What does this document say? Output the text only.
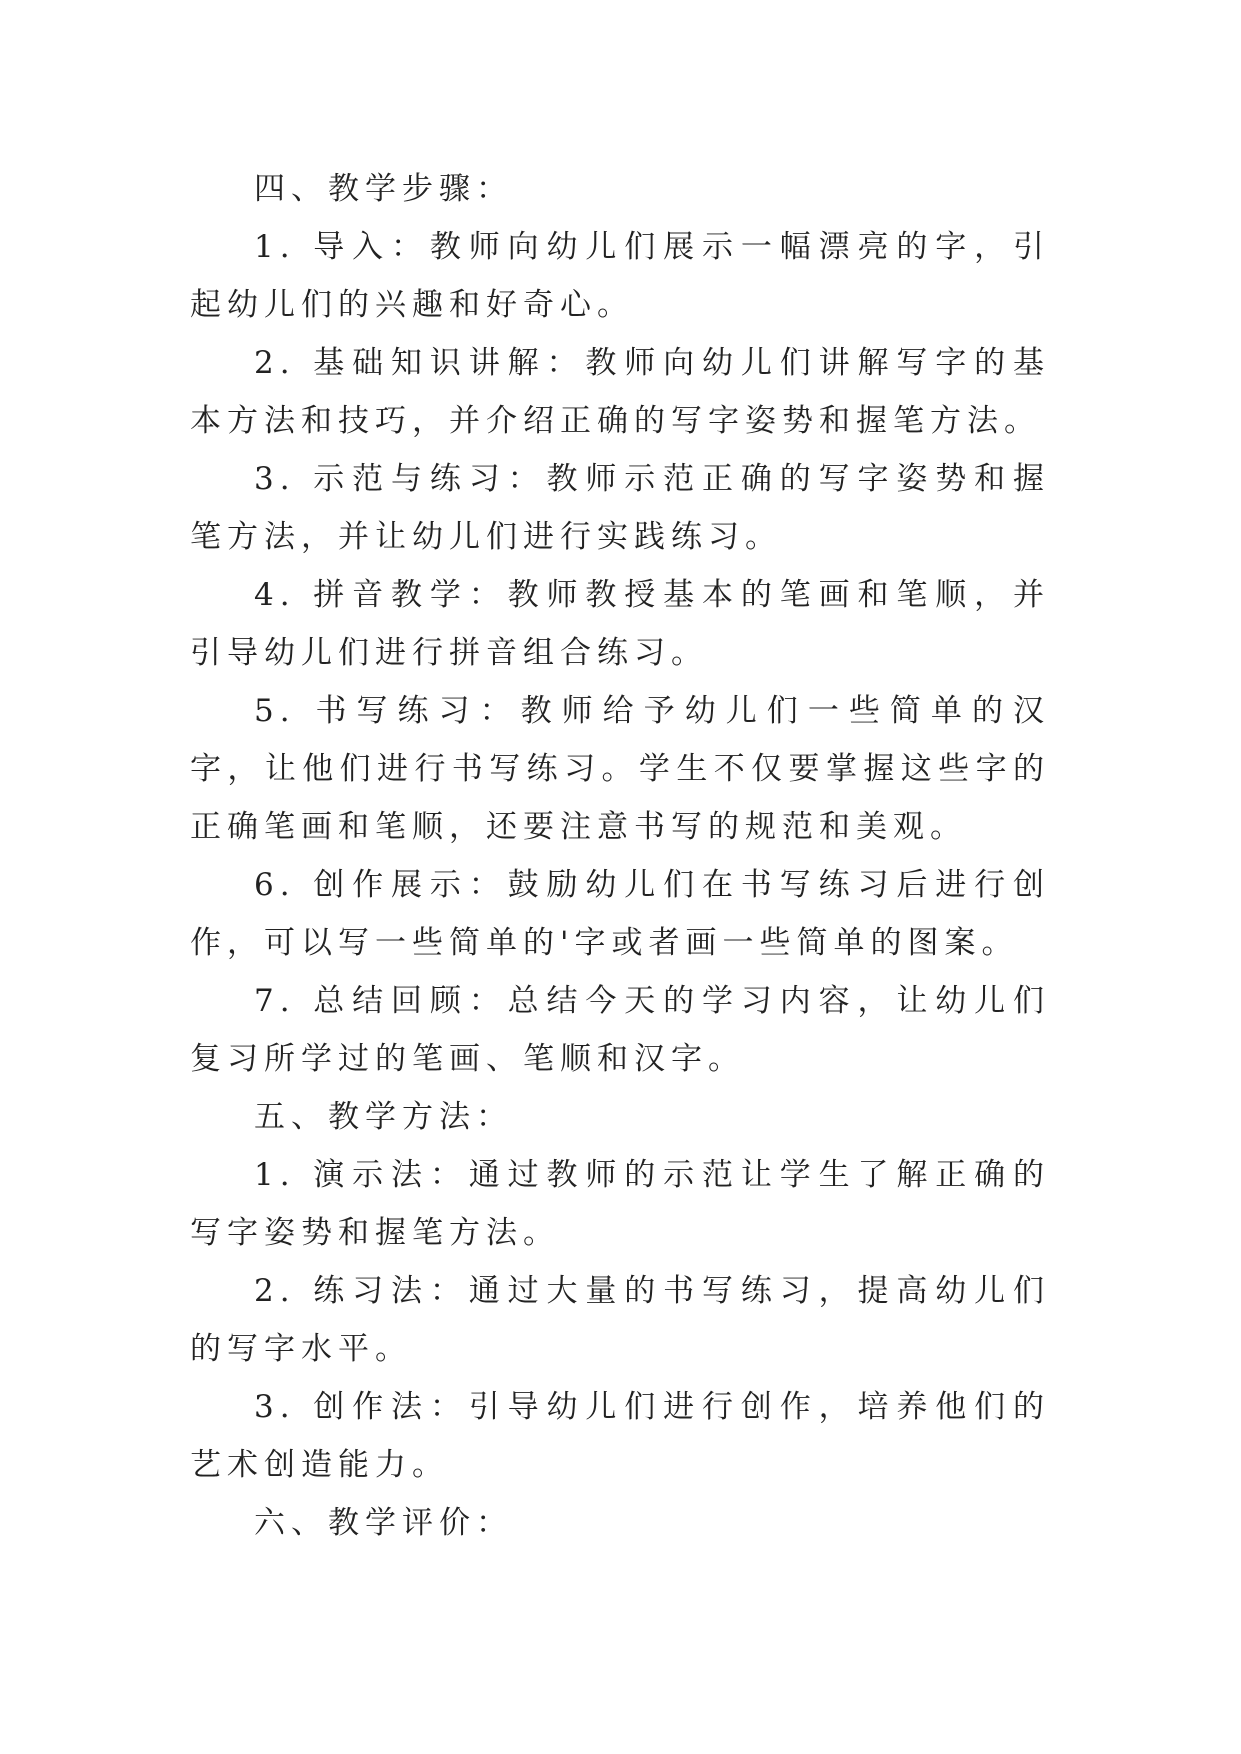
四、教学步骤：

1. 导入：教师向幼儿们展示一幅漂亮的字，引起幼儿们的兴趣和好奇心。

2. 基础知识讲解：教师向幼儿们讲解写字的基本方法和技巧，并介绍正确的写字姿势和握笔方法。

3. 示范与练习：教师示范正确的写字姿势和握笔方法，并让幼儿们进行实践练习。

4. 拼音教学：教师教授基本的笔画和笔顺，并引导幼儿们进行拼音组合练习。

5. 书写练习：教师给予幼儿们一些简单的汉字，让他们进行书写练习。学生不仅要掌握这些字的正确笔画和笔顺，还要注意书写的规范和美观。

6. 创作展示：鼓励幼儿们在书写练习后进行创作，可以写一些简单的'字或者画一些简单的图案。

7. 总结回顾：总结今天的学习内容，让幼儿们复习所学过的笔画、笔顺和汉字。

五、教学方法：

1. 演示法：通过教师的示范让学生了解正确的写字姿势和握笔方法。

2. 练习法：通过大量的书写练习，提高幼儿们的写字水平。

3. 创作法：引导幼儿们进行创作，培养他们的艺术创造能力。

六、教学评价：
